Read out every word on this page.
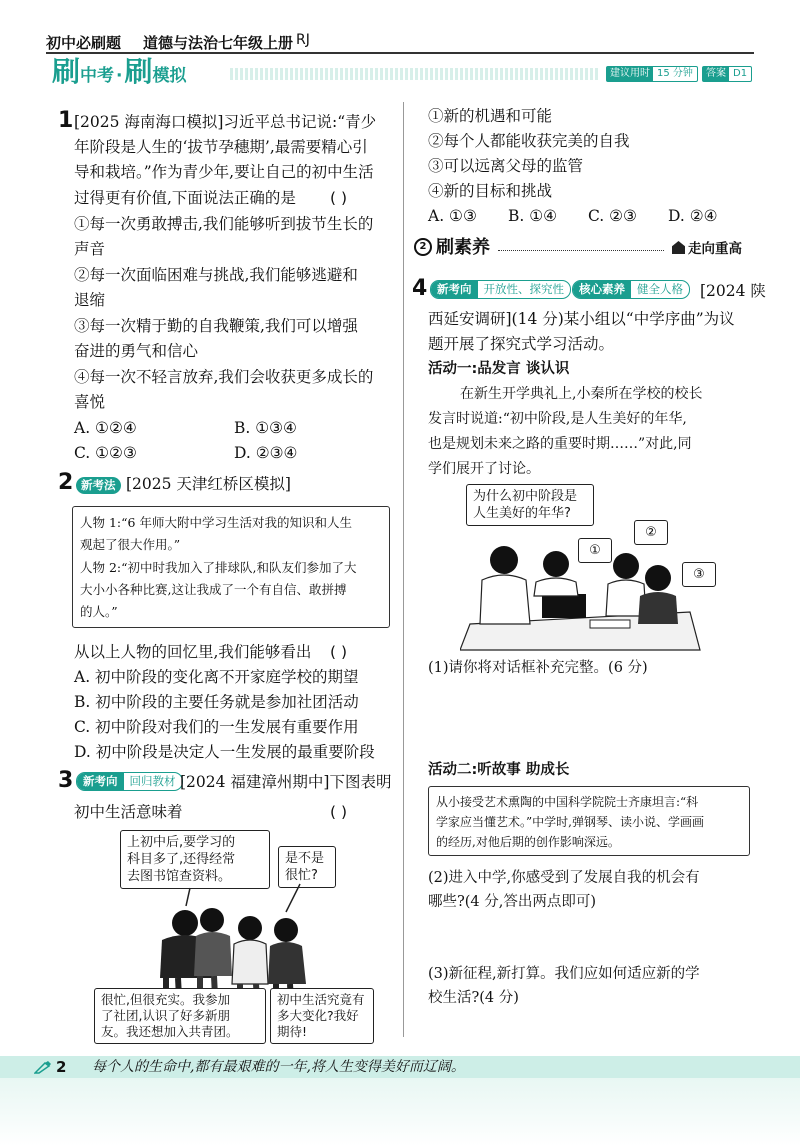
初中必刷题 道德与法治七年级上册 RJ
刷 中考 · 刷 模拟	建议用时 15 分钟	答案 D1
1 [2025 海南海口模拟]习近平总书记说:“青少
年阶段是人生的‘拔节孕穗期’,最需要精心引
导和栽培。”作为青少年,要让自己的初中生活
过得更有价值,下面说法正确的是 ( )
①每一次勇敢搏击,我们能够听到拔节生长的
声音
②每一次面临困难与挑战,我们能够逃避和
退缩
③每一次精于勤的自我鞭策,我们可以增强
奋进的勇气和信心
④每一次不轻言放弃,我们会收获更多成长的
喜悦
A. ①②④	B. ①③④
C. ①②③	D. ②③④
2 新考法 [2025 天津红桥区模拟]
人物 1:“6 年师大附中学习生活对我的知识和人生
观起了很大作用。”
人物 2:“初中时我加入了排球队,和队友们参加了大
大小小各种比赛,这让我成了一个有自信、敢拼搏
的人。”
从以上人物的回忆里,我们能够看出 ( )
A. 初中阶段的变化离不开家庭学校的期望
B. 初中阶段的主要任务就是参加社团活动
C. 初中阶段对我们的一生发展有重要作用
D. 初中阶段是决定人一生发展的最重要阶段
3 新考向	回归教材 [2024 福建漳州期中]下图表明
初中生活意味着	( )
上初中后,要学习的
科目多了,还得经常
去图书馆查资料。
是不是
很忙?
很忙,但很充实。我参加
了社团,认识了好多新朋
友。我还想加入共青团。
初中生活究竟有
多大变化?我好
期待!
①新的机遇和可能
②每个人都能收获完美的自我
③可以远离父母的监管
④新的目标和挑战
A. ①③ B. ①④ C. ②③ D. ②④
2 刷素养	走向重高
4 新考向	开放性、探究性	核心素养	健全人格	[2024 陕
西延安调研](14 分)某小组以“中学序曲”为议
题开展了探究式学习活动。
活动一:品发言 谈认识
在新生开学典礼上,小秦所在学校的校长
发言时说道:“初中阶段,是人生美好的年华,
也是规划未来之路的重要时期……”对此,同
学们展开了讨论。
为什么初中阶段是
人生美好的年华?
①
②
③
(1)请你将对话框补充完整。(6 分)
活动二:听故事 助成长
从小接受艺术熏陶的中国科学院院士齐康坦言:“科
学家应当懂艺术。”中学时,弹钢琴、读小说、学画画
的经历,对他后期的创作影响深远。
(2)进入中学,你感受到了发展自我的机会有
哪些?(4 分,答出两点即可)
(3)新征程,新打算。我们应如何适应新的学
校生活?(4 分)
2 每个人的生命中,都有最艰难的一年,将人生变得美好而辽阔。
